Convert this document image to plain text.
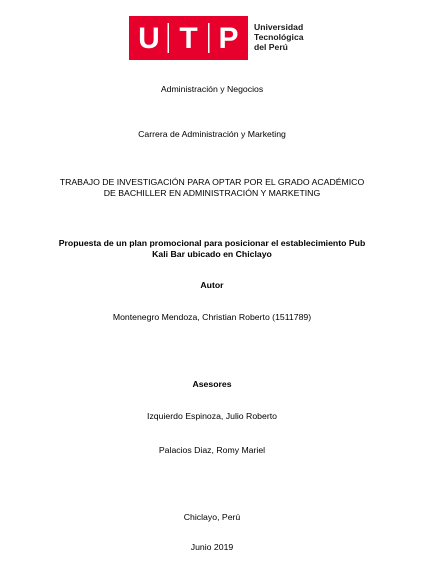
U T P Universidad
Tecnológica
del Perú
Administración y Negocios
Carrera de Administración y Marketing
TRABAJO DE INVESTIGACIÓN PARA OPTAR POR EL GRADO ACADÉMICO
DE BACHILLER EN ADMINISTRACIÓN Y MARKETING
Propuesta de un plan promocional para posicionar el establecimiento Pub
Kali Bar ubicado en Chiclayo
Autor
Montenegro Mendoza, Christian Roberto (1511789)
Asesores
Izquierdo Espinoza, Julio Roberto
Palacios Diaz, Romy Mariel
Chiclayo, Perú
Junio 2019
